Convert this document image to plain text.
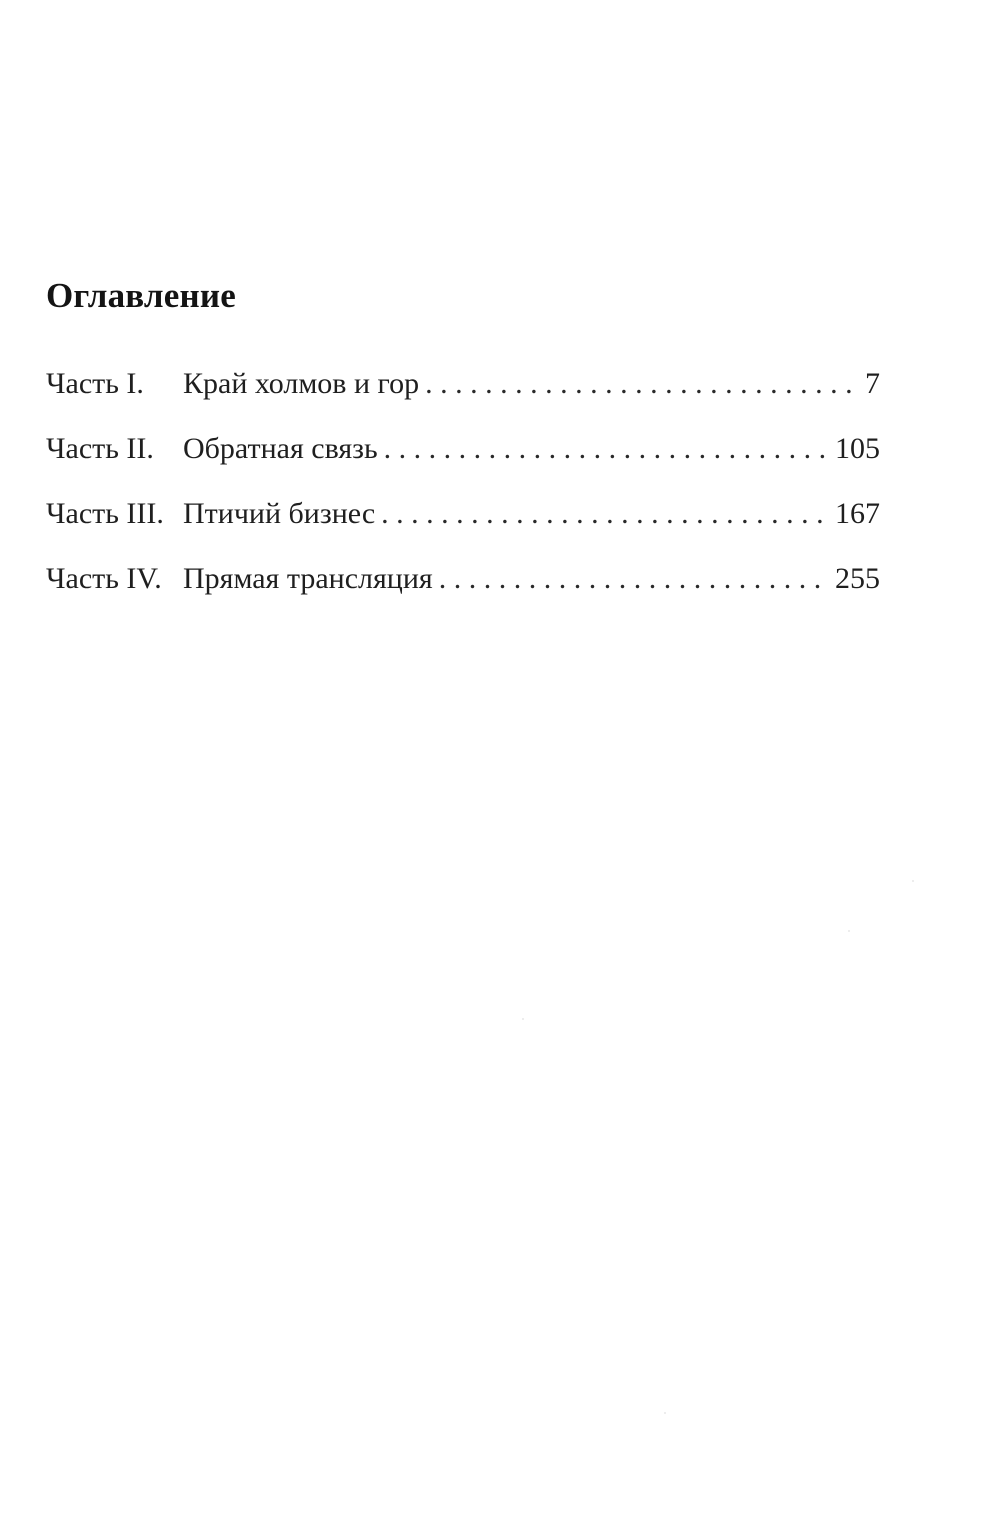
Оглавление
Часть I.	Край холмов и гор . . .	7
Часть II. Обратная связь . . .	105
Часть III. Птичий бизнес . . .	167
Часть IV. Прямая трансляция . . .	255
